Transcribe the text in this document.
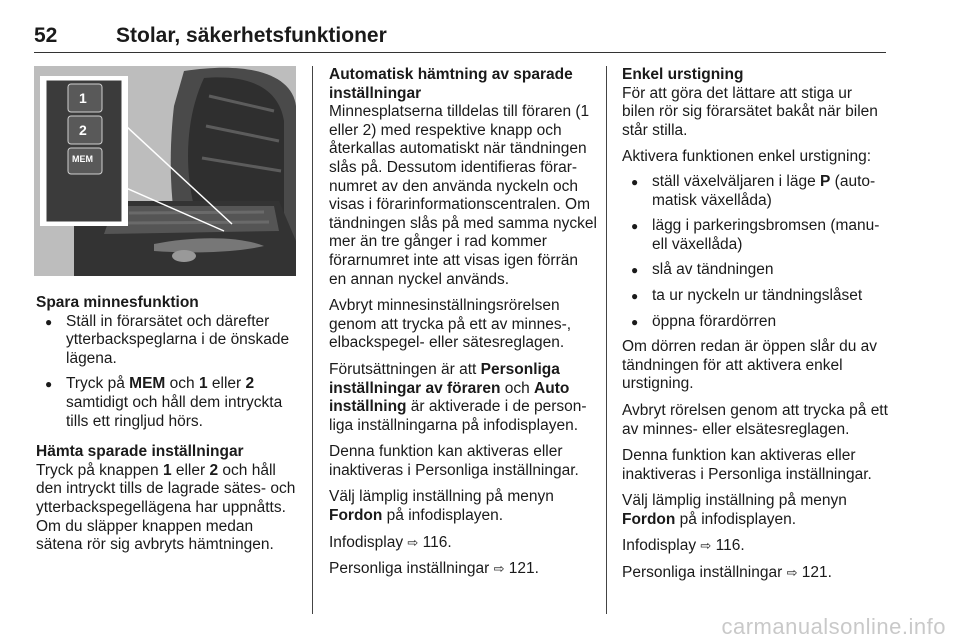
52	Stolar, säkerhetsfunktioner
1
2
MEM
Spara minnesfunktion
● Ställ in förarsätet och därefter ytterbackspeglarna i de önskade lägena.
● Tryck på MEM och 1 eller 2 samtidigt och håll dem intryckta tills ett ringljud hörs.
Hämta sparade inställningar

Tryck på knappen 1 eller 2 och håll den intryckt tills de lagrade sätes- och ytterbackspegellägena har uppnåtts. Om du släpper knappen medan sätena rör sig avbryts hämtningen.

Automatisk hämtning av sparade inställningar

Minnesplatserna tilldelas till föraren (1 eller 2) med respektive knapp och återkallas automatiskt när tändningen slås på. Dessutom identifieras förar-numret av den använda nyckeln och visas i förarinformationscentralen. Om tändningen slås på med samma nyckel mer än tre gånger i rad kommer förarnumret inte att visas igen förrän en annan nyckel används.

Avbryt minnesinställningsrörelsen genom att trycka på ett av minnes-, elbackspegel- eller sätesreglagen.

Förutsättningen är att Personliga inställningar av föraren och Auto inställning är aktiverade i de person-liga inställningarna på infodisplayen.

Denna funktion kan aktiveras eller inaktiveras i Personliga inställningar.

Välj lämplig inställning på menyn Fordon på infodisplayen.

Infodisplay ⇨ 116.

Personliga inställningar ⇨ 121.

Enkel urstigning

För att göra det lättare att stiga ur bilen rör sig förarsätet bakåt när bilen står stilla.

Aktivera funktionen enkel urstigning:

● ställ växelväljaren i läge P (auto-matisk växellåda)
● lägg i parkeringsbromsen (manu-ell växellåda)
● slå av tändningen
● ta ur nyckeln ur tändningslåset
● öppna förardörren

Om dörren redan är öppen slår du av tändningen för att aktivera enkel urstigning.

Avbryt rörelsen genom att trycka på ett av minnes- eller elsätesreglagen.

Denna funktion kan aktiveras eller inaktiveras i Personliga inställningar.

Välj lämplig inställning på menyn Fordon på infodisplayen.

Infodisplay ⇨ 116.

Personliga inställningar ⇨ 121.

carmanualsonline.info
